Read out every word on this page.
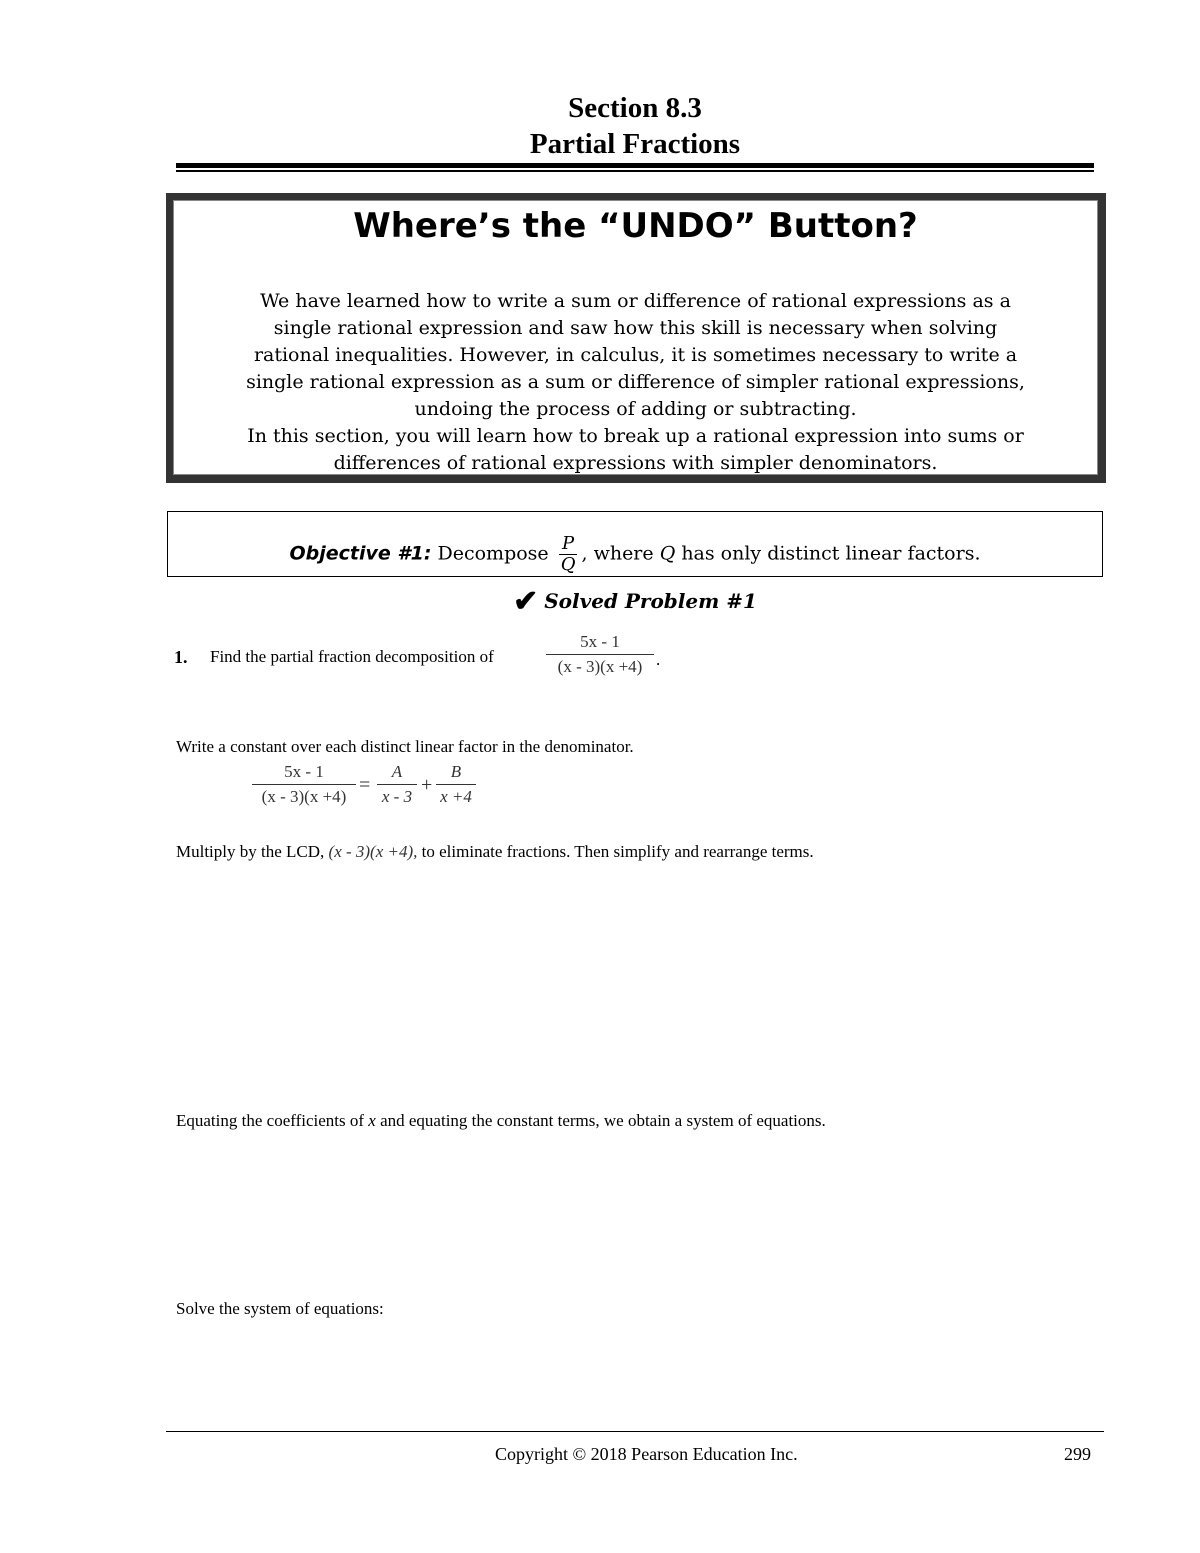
Section 8.3
Partial Fractions
Where’s the “UNDO” Button?
We have learned how to write a sum or difference of rational expressions as a
single rational expression and saw how this skill is necessary when solving
rational inequalities. However, in calculus, it is sometimes necessary to write a
single rational expression as a sum or difference of simpler rational expressions,
undoing the process of adding or subtracting.
In this section, you will learn how to break up a rational expression into sums or
differences of rational expressions with simpler denominators.
Objective #1: Decompose $\frac{P}{Q}$ , where Q has only distinct linear factors.
✔ Solved Problem #1
1. Find the partial fraction decomposition of
5x - 1
(x - 3)(x +4) .
Write a constant over each distinct linear factor in the denominator.
5x - 1
(x - 3)(x +4)
=
A
x - 3
+
B
x +4
Multiply by the LCD, (x - 3)(x +4), to eliminate fractions. Then simplify and rearrange terms.
Equating the coefficients of x and equating the constant terms, we obtain a system of equations.
Solve the system of equations:
Copyright © 2018 Pearson Education Inc.	299
